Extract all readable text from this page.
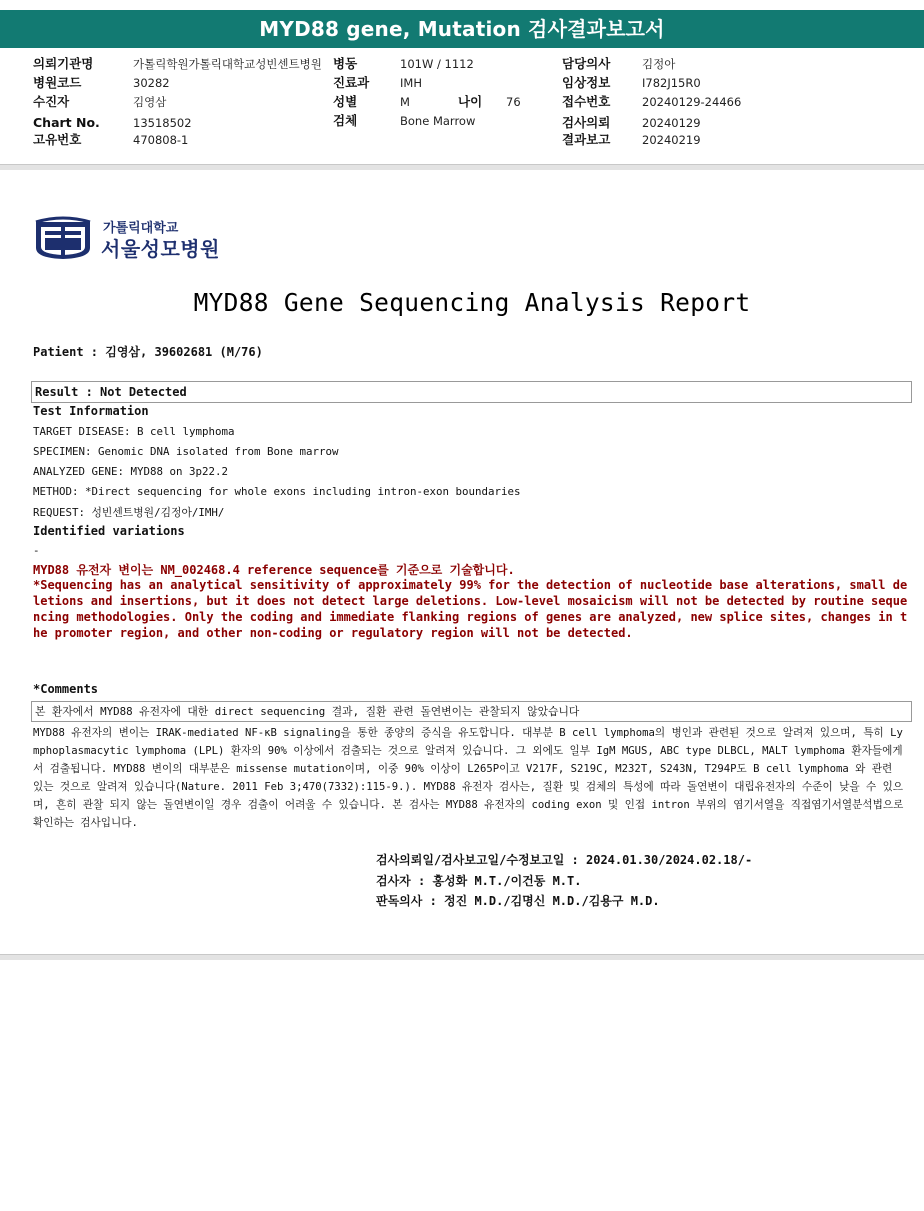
MYD88 gene, Mutation 검사결과보고서
의뢰기관명	가톨릭학원가톨릭대학교성빈센트병원
병원코드	30282
수진자	김영삼
Chart No.	13518502
고유번호	470808-1
병동	101W / 1112
진료과	IMH
성별	M	나이 76
검체	Bone Marrow
담당의사	김정아
임상정보	I782J15R0
접수번호	20240129-24466
검사의뢰	20240129
결과보고	20240219
가톨릭대학교
서울성모병원
MYD88 Gene Sequencing Analysis Report
Patient : 김영삼, 39602681 (M/76)
Result : Not Detected
Test Information
TARGET DISEASE: B cell lymphoma
SPECIMEN: Genomic DNA isolated from Bone marrow
ANALYZED GENE: MYD88 on 3p22.2
METHOD: *Direct sequencing for whole exons including intron-exon boundaries
REQUEST: 성빈센트병원/김정아/IMH/
Identified variations
-
MYD88 유전자 변이는 NM_002468.4 reference sequence를 기준으로 기술합니다.
*Sequencing has an analytical sensitivity of approximately 99% for the detection of nucleotide base alterations, small deletions and insertions, but it does not detect large deletions. Low-level mosaicism will not be detected by routine sequencing methodologies. Only the coding and immediate flanking regions of genes are analyzed, new splice sites, changes in the promoter region, and other non-coding or regulatory region will not be detected.
*Comments
본 환자에서 MYD88 유전자에 대한 direct sequencing 결과, 질환 관련 돌연변이는 관찰되지 않았습니다
MYD88 유전자의 변이는 IRAK-mediated NF-κB signaling을 통한 종양의 증식을 유도합니다. 대부분 B cell lymphoma의 병인과 관련된 것으로 알려져 있으며, 특히 Lymphoplasmacytic lymphoma (LPL) 환자의 90% 이상에서 검출되는 것으로 알려져 있습니다. 그 외에도 일부 IgM MGUS, ABC type DLBCL, MALT lymphoma 환자들에게서 검출됩니다. MYD88 변이의 대부분은 missense mutation이며, 이중 90% 이상이 L265P이고 V217F, S219C, M232T, S243N, T294P도 B cell lymphoma 와 관련 있는 것으로 알려져 있습니다(Nature. 2011 Feb 3;470(7332):115-9.). MYD88 유전자 검사는, 질환 및 검체의 특성에 따라 돌연변이 대립유전자의 수준이 낮을 수 있으며, 흔히 관찰 되지 않는 돌연변이일 경우 검출이 어려울 수 있습니다. 본 검사는 MYD88 유전자의 coding exon 및 인접 intron 부위의 염기서열을 직접염기서열분석법으로 확인하는 검사입니다.
검사의뢰일/검사보고일/수정보고일 : 2024.01.30/2024.02.18/-
검사자 : 홍성화 M.T./이건동 M.T.
판독의사 : 정진 M.D./김명신 M.D./김용구 M.D.
